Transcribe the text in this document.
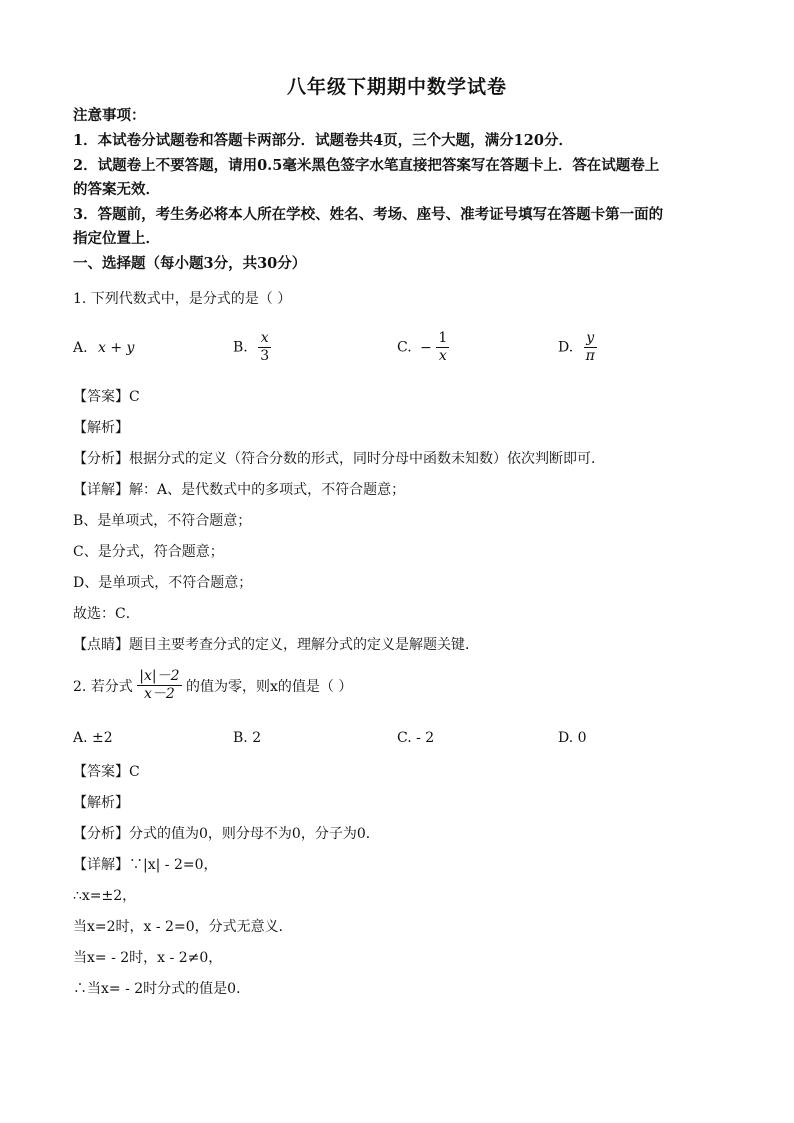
八年级下期期中数学试卷
注意事项：
1．本试卷分试题卷和答题卡两部分．试题卷共4页，三个大题，满分120分．
2．试题卷上不要答题，请用0.5毫米黑色签字水笔直接把答案写在答题卡上．答在试题卷上
的答案无效．
3．答题前，考生务必将本人所在学校、姓名、考场、座号、准考证号填写在答题卡第一面的
指定位置上．
一、选择题（每小题3分，共30分）
1. 下列代数式中，是分式的是（ ）
A. x + y	B. $\frac{x}{3}$	C. − $\frac{1}{x}$	D. $\frac{y}{\pi}$
【答案】C
【解析】
【分析】根据分式的定义（符合分数的形式，同时分母中函数未知数）依次判断即可．
【详解】解：A、是代数式中的多项式，不符合题意；
B、是单项式，不符合题意；
C、是分式，符合题意；
D、是单项式，不符合题意；
故选：C．
【点睛】题目主要考查分式的定义，理解分式的定义是解题关键．
2. 若分式 $\frac{|x|-2}{x-2}$ 的值为零，则x的值是（ ）
A. ±2	B. 2	C. - 2	D. 0
【答案】C
【解析】
【分析】分式的值为0，则分母不为0，分子为0．
【详解】∵|x| - 2=0，
∴x=±2，
当x=2时，x - 2=0，分式无意义．
当x= - 2时，x - 2≠0，
∴当x= - 2时分式的值是0．
